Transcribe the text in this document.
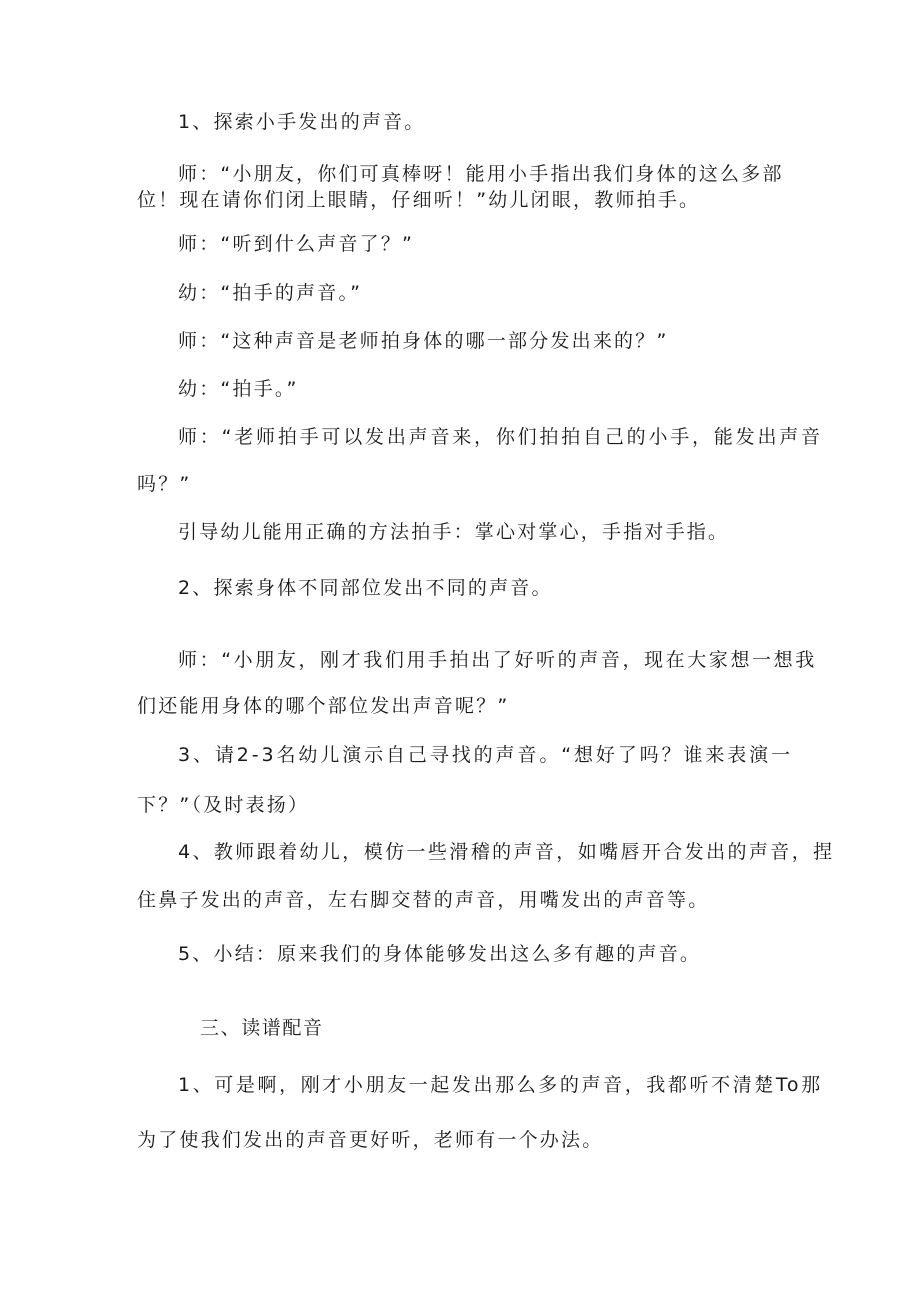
1、探索小手发出的声音。
师：“小朋友，你们可真棒呀！能用小手指出我们身体的这么多部
位！现在请你们闭上眼睛，仔细听！”幼儿闭眼，教师拍手。
师：“听到什么声音了？”
幼：“拍手的声音。”
师：“这种声音是老师拍身体的哪一部分发出来的？”
幼：“拍手。”
师：“老师拍手可以发出声音来，你们拍拍自己的小手，能发出声音
吗？”
引导幼儿能用正确的方法拍手：掌心对掌心，手指对手指。
2、探索身体不同部位发出不同的声音。
师：“小朋友，刚才我们用手拍出了好听的声音，现在大家想一想我
们还能用身体的哪个部位发出声音呢？”
3、请2-3名幼儿演示自己寻找的声音。“想好了吗？谁来表演一
下？”（及时表扬）
4、教师跟着幼儿，模仿一些滑稽的声音，如嘴唇开合发出的声音，捏
住鼻子发出的声音，左右脚交替的声音，用嘴发出的声音等。
5、小结：原来我们的身体能够发出这么多有趣的声音。
三、读谱配音
1、可是啊，刚才小朋友一起发出那么多的声音，我都听不清楚To那
为了使我们发出的声音更好听，老师有一个办法。
